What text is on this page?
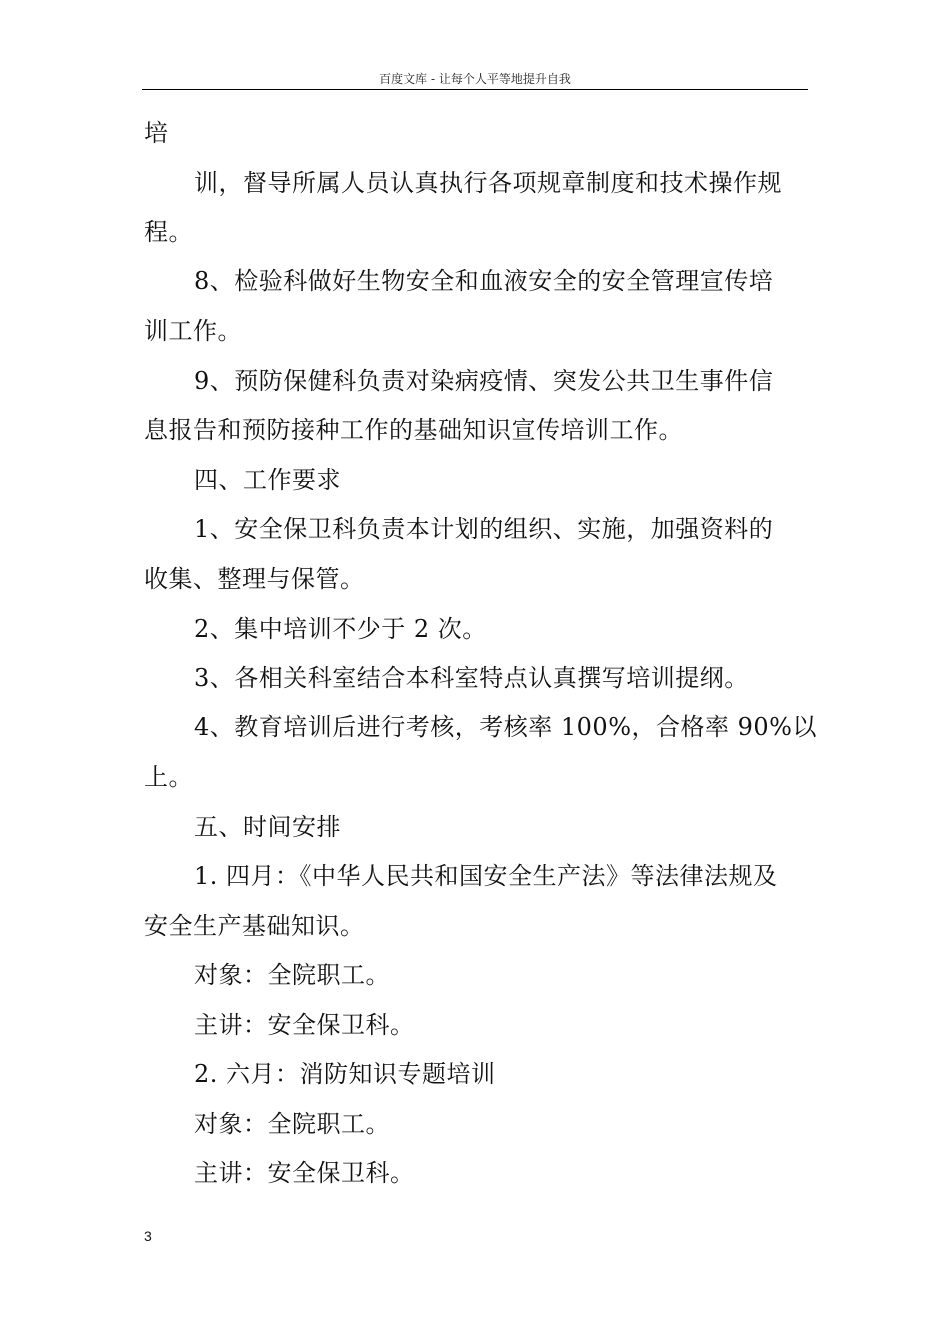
百度文库 - 让每个人平等地提升自我
培
训，督导所属人员认真执行各项规章制度和技术操作规
程。
8、检验科做好生物安全和血液安全的安全管理宣传培
训工作。
9、预防保健科负责对染病疫情、突发公共卫生事件信
息报告和预防接种工作的基础知识宣传培训工作。
四、工作要求
1、安全保卫科负责本计划的组织、实施，加强资料的
收集、整理与保管。
2、集中培训不少于 2 次。
3、各相关科室结合本科室特点认真撰写培训提纲。
4、教育培训后进行考核，考核率 100%，合格率 90%以
上。
五、时间安排
1. 四月：《中华人民共和国安全生产法》等法律法规及
安全生产基础知识。
对象：全院职工。
主讲：安全保卫科。
2. 六月：消防知识专题培训
对象：全院职工。
主讲：安全保卫科。
3
